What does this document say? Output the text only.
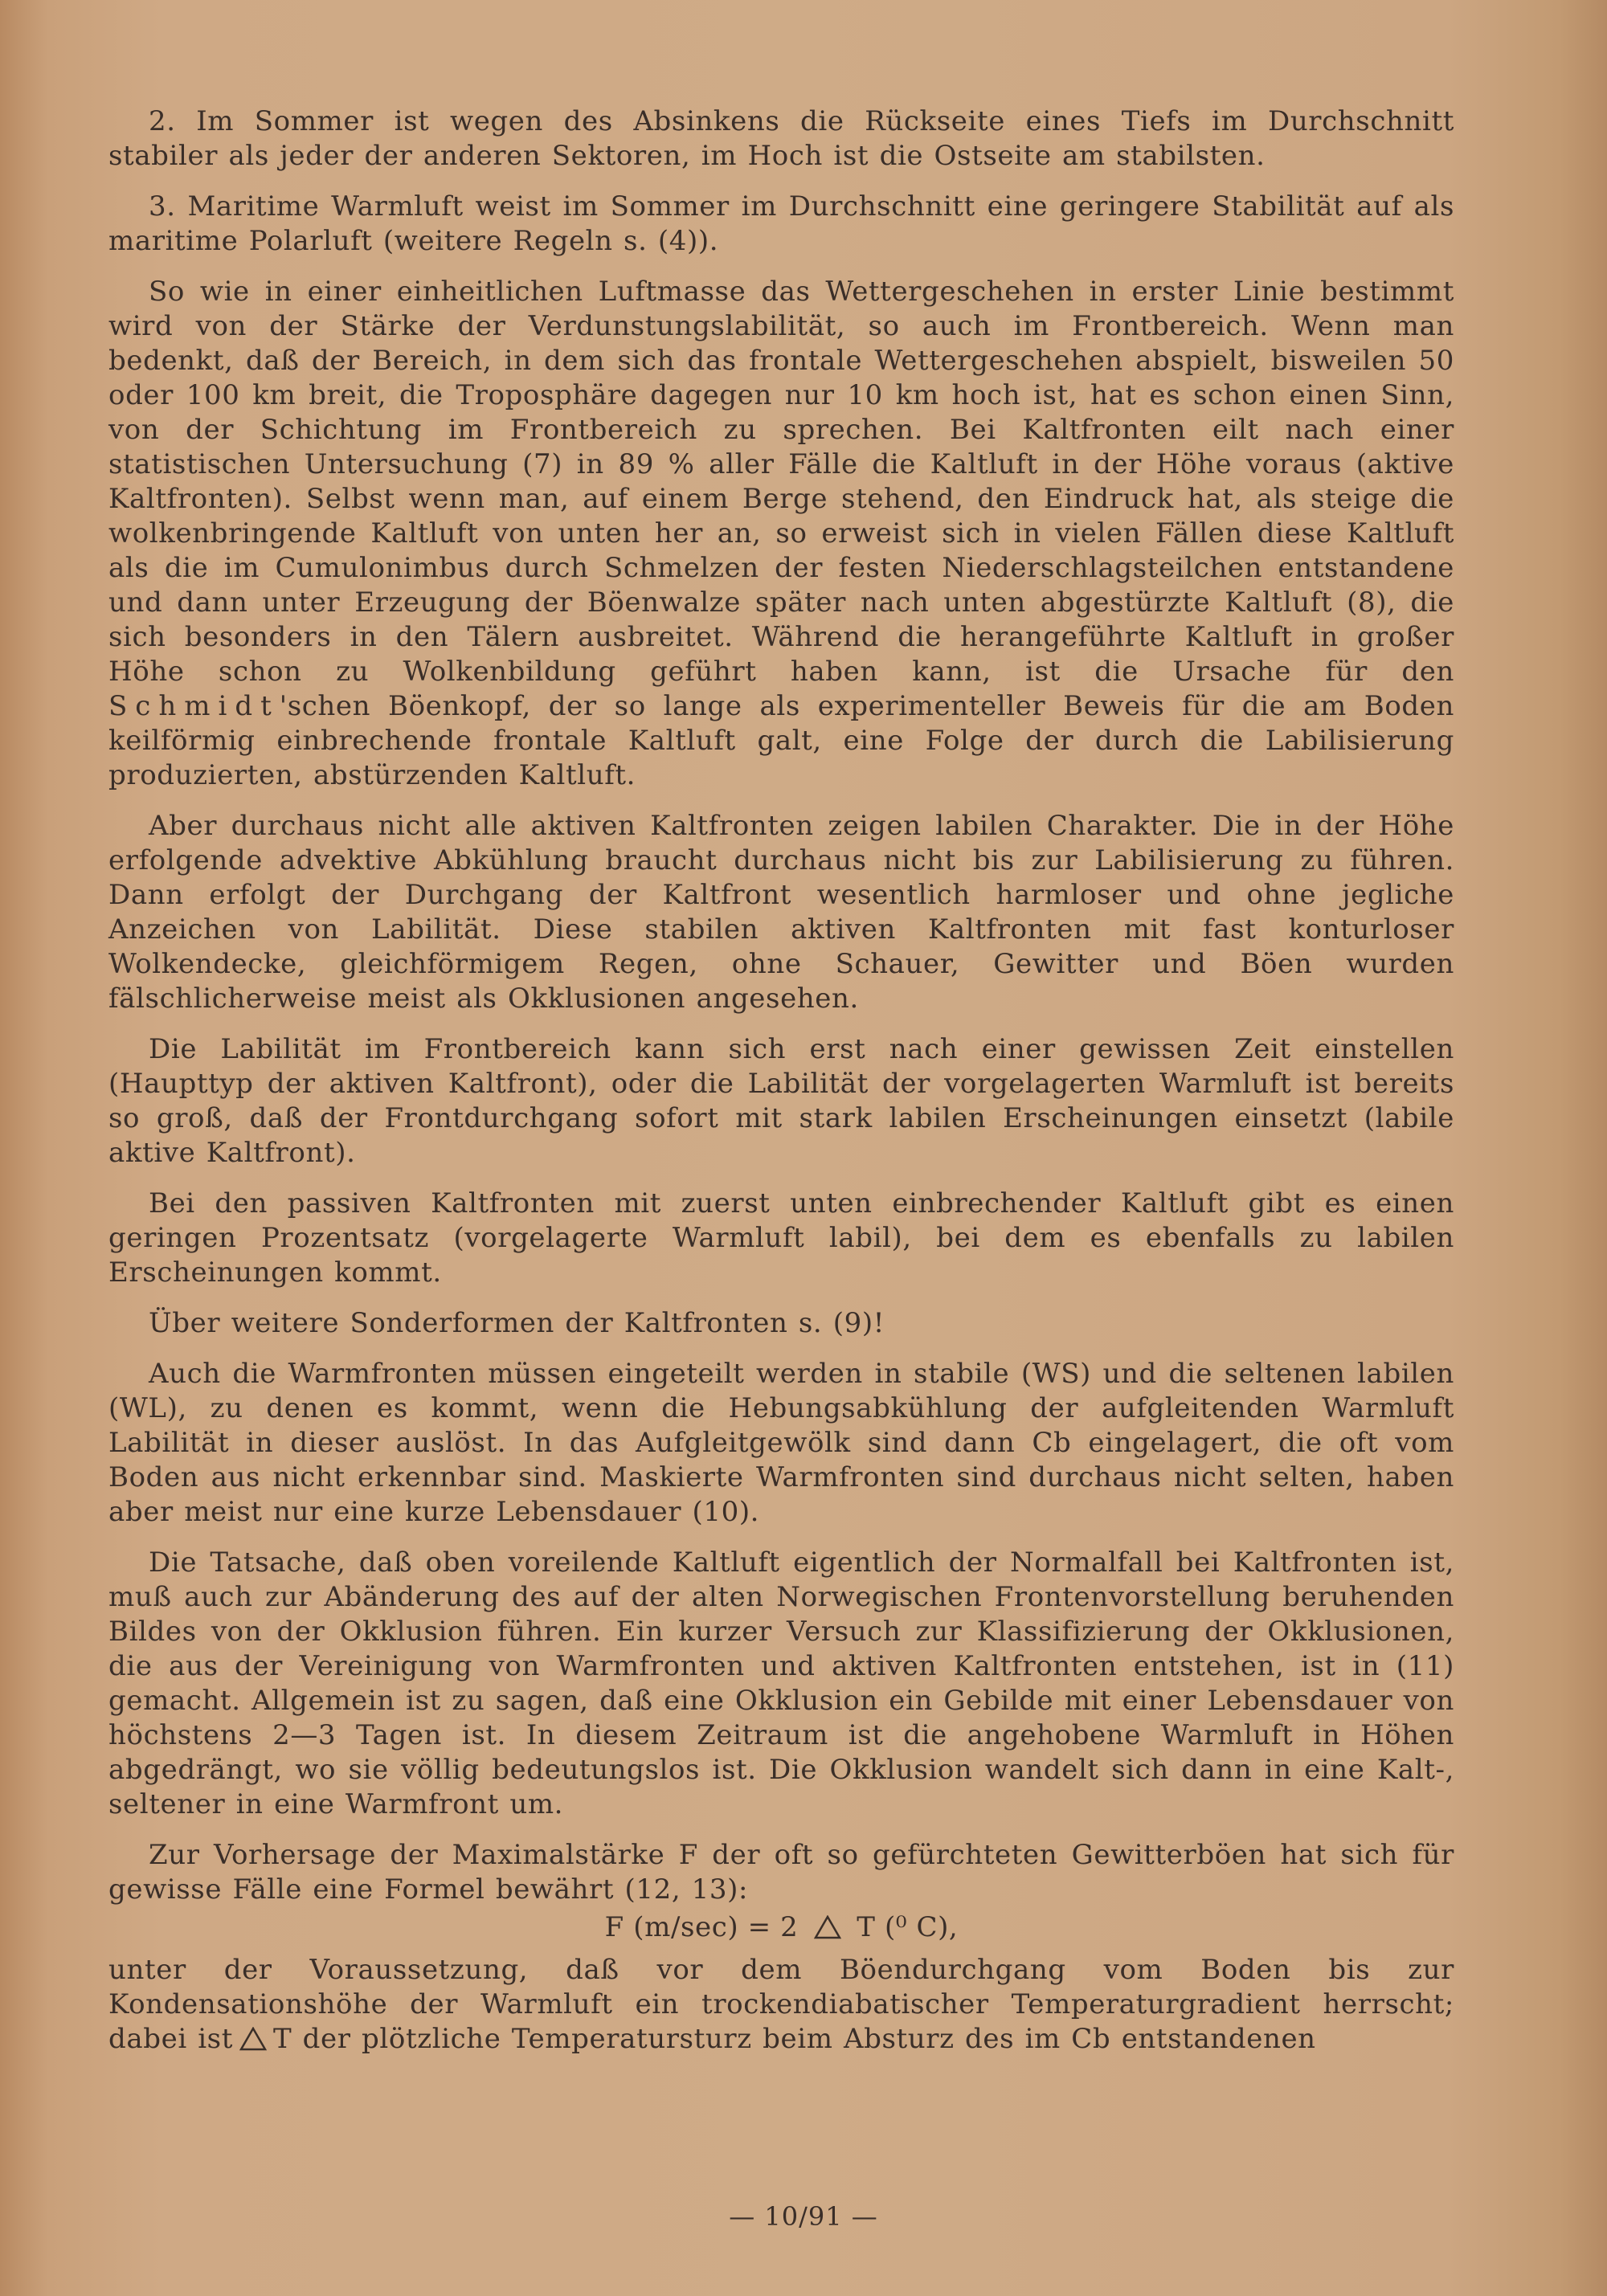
2. Im Sommer ist wegen des Absinkens die Rückseite eines Tiefs im Durchschnitt stabiler als jeder der anderen Sektoren, im Hoch ist die Ostseite am stabilsten.

3. Maritime Warmluft weist im Sommer im Durchschnitt eine geringere Stabilität auf als maritime Polarluft (weitere Regeln s. (4)).

So wie in einer einheitlichen Luftmasse das Wettergeschehen in erster Linie bestimmt wird von der Stärke der Verdunstungslabilität, so auch im Frontbereich. Wenn man bedenkt, daß der Bereich, in dem sich das frontale Wettergeschehen abspielt, bisweilen 50 oder 100 km breit, die Troposphäre dagegen nur 10 km hoch ist, hat es schon einen Sinn, von der Schichtung im Frontbereich zu sprechen. Bei Kaltfronten eilt nach einer statistischen Untersuchung (7) in 89 % aller Fälle die Kaltluft in der Höhe voraus (aktive Kaltfronten). Selbst wenn man, auf einem Berge stehend, den Eindruck hat, als steige die wolkenbringende Kaltluft von unten her an, so erweist sich in vielen Fällen diese Kaltluft als die im Cumulonimbus durch Schmelzen der festen Niederschlagsteilchen entstandene und dann unter Erzeugung der Böenwalze später nach unten abgestürzte Kaltluft (8), die sich besonders in den Tälern ausbreitet. Während die herangeführte Kaltluft in großer Höhe schon zu Wolkenbildung geführt haben kann, ist die Ursache für den Schmidt'schen Böenkopf, der so lange als experimenteller Beweis für die am Boden keilförmig einbrechende frontale Kaltluft galt, eine Folge der durch die Labilisierung produzierten, abstürzenden Kaltluft.

Aber durchaus nicht alle aktiven Kaltfronten zeigen labilen Charakter. Die in der Höhe erfolgende advektive Abkühlung braucht durchaus nicht bis zur Labilisierung zu führen. Dann erfolgt der Durchgang der Kaltfront wesentlich harmloser und ohne jegliche Anzeichen von Labilität. Diese stabilen aktiven Kaltfronten mit fast konturloser Wolkendecke, gleichförmigem Regen, ohne Schauer, Gewitter und Böen wurden fälschlicherweise meist als Okklusionen angesehen.

Die Labilität im Frontbereich kann sich erst nach einer gewissen Zeit einstellen (Haupttyp der aktiven Kaltfront), oder die Labilität der vorgelagerten Warmluft ist bereits so groß, daß der Frontdurchgang sofort mit stark labilen Erscheinungen einsetzt (labile aktive Kaltfront).

Bei den passiven Kaltfronten mit zuerst unten einbrechender Kaltluft gibt es einen geringen Prozentsatz (vorgelagerte Warmluft labil), bei dem es ebenfalls zu labilen Erscheinungen kommt.

Über weitere Sonderformen der Kaltfronten s. (9)!

Auch die Warmfronten müssen eingeteilt werden in stabile (WS) und die seltenen labilen (WL), zu denen es kommt, wenn die Hebungsabkühlung der aufgleitenden Warmluft Labilität in dieser auslöst. In das Aufgleitgewölk sind dann Cb eingelagert, die oft vom Boden aus nicht erkennbar sind. Maskierte Warmfronten sind durchaus nicht selten, haben aber meist nur eine kurze Lebensdauer (10).

Die Tatsache, daß oben voreilende Kaltluft eigentlich der Normalfall bei Kaltfronten ist, muß auch zur Abänderung des auf der alten Norwegischen Frontenvorstellung beruhenden Bildes von der Okklusion führen. Ein kurzer Versuch zur Klassifizierung der Okklusionen, die aus der Vereinigung von Warmfronten und aktiven Kaltfronten entstehen, ist in (11) gemacht. Allgemein ist zu sagen, daß eine Okklusion ein Gebilde mit einer Lebensdauer von höchstens 2—3 Tagen ist. In diesem Zeitraum ist die angehobene Warmluft in Höhen abgedrängt, wo sie völlig bedeutungslos ist. Die Okklusion wandelt sich dann in eine Kalt-, seltener in eine Warmfront um.

Zur Vorhersage der Maximalstärke F der oft so gefürchteten Gewitterböen hat sich für gewisse Fälle eine Formel bewährt (12, 13):

F (m/sec) = 2 T (⁰ C),

unter der Voraussetzung, daß vor dem Böendurchgang vom Boden bis zur Kondensationshöhe der Warmluft ein trockendiabatischer Temperaturgradient herrscht; dabei ist T der plötzliche Temperatursturz beim Absturz des im Cb entstandenen

— 10/91 —
